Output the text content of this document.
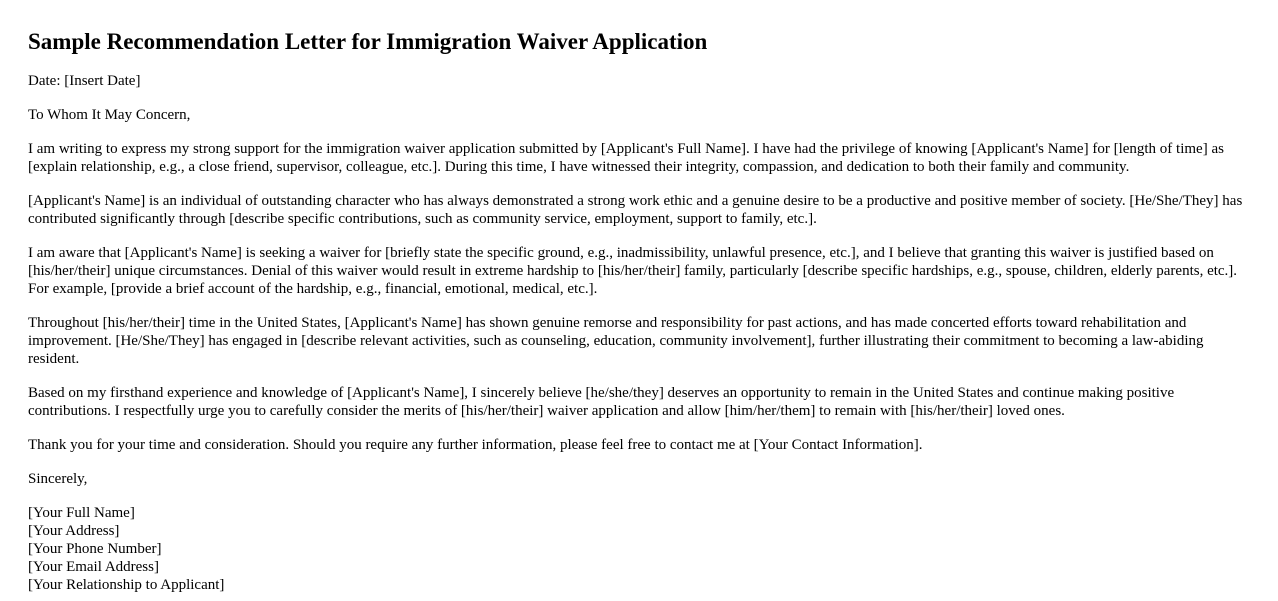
Sample Recommendation Letter for Immigration Waiver Application

Date: [Insert Date]

To Whom It May Concern,

I am writing to express my strong support for the immigration waiver application submitted by [Applicant's Full Name]. I have had the privilege of knowing [Applicant's Name] for [length of time] as [explain relationship, e.g., a close friend, supervisor, colleague, etc.]. During this time, I have witnessed their integrity, compassion, and dedication to both their family and community.

[Applicant's Name] is an individual of outstanding character who has always demonstrated a strong work ethic and a genuine desire to be a productive and positive member of society. [He/She/They] has contributed significantly through [describe specific contributions, such as community service, employment, support to family, etc.].

I am aware that [Applicant's Name] is seeking a waiver for [briefly state the specific ground, e.g., inadmissibility, unlawful presence, etc.], and I believe that granting this waiver is justified based on [his/her/their] unique circumstances. Denial of this waiver would result in extreme hardship to [his/her/their] family, particularly [describe specific hardships, e.g., spouse, children, elderly parents, etc.]. For example, [provide a brief account of the hardship, e.g., financial, emotional, medical, etc.].

Throughout [his/her/their] time in the United States, [Applicant's Name] has shown genuine remorse and responsibility for past actions, and has made concerted efforts toward rehabilitation and improvement. [He/She/They] has engaged in [describe relevant activities, such as counseling, education, community involvement], further illustrating their commitment to becoming a law-abiding resident.

Based on my firsthand experience and knowledge of [Applicant's Name], I sincerely believe [he/she/they] deserves an opportunity to remain in the United States and continue making positive contributions. I respectfully urge you to carefully consider the merits of [his/her/their] waiver application and allow [him/her/them] to remain with [his/her/their] loved ones.

Thank you for your time and consideration. Should you require any further information, please feel free to contact me at [Your Contact Information].

Sincerely,

[Your Full Name]
[Your Address]
[Your Phone Number]
[Your Email Address]
[Your Relationship to Applicant]
